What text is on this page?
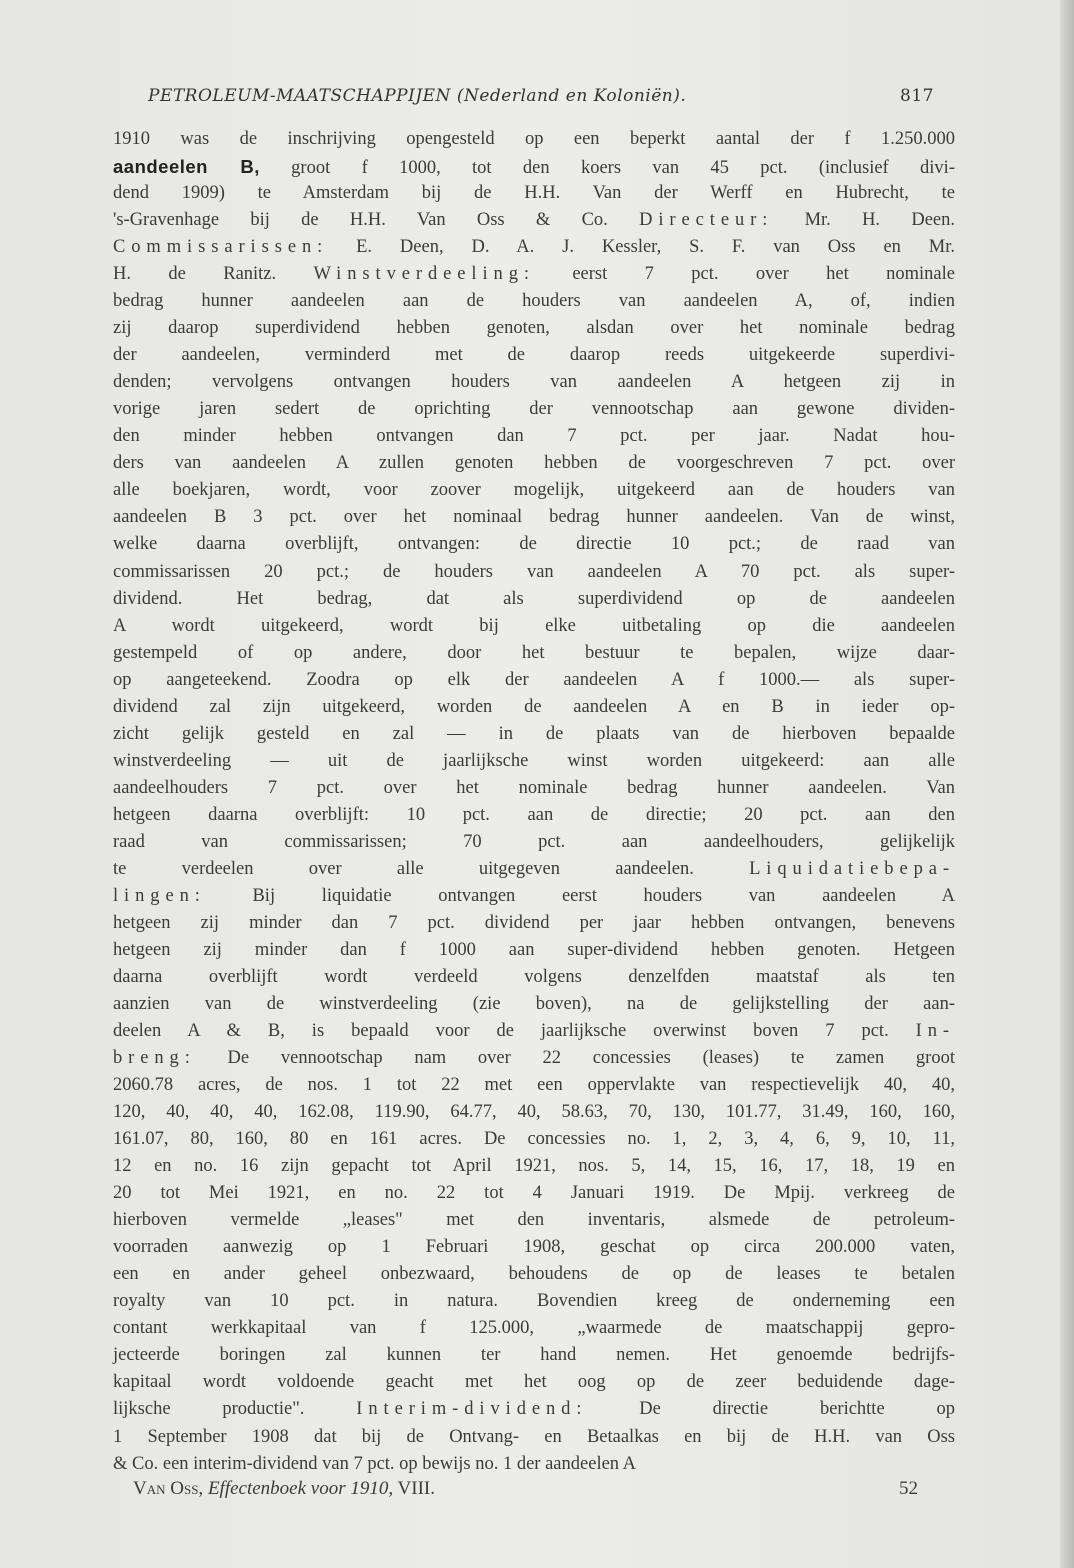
PETROLEUM-MAATSCHAPPIJEN (Nederland en Koloniën).	817
1910 was de inschrijving opengesteld op een beperkt aantal der f 1.250.000
aandeelen B, groot f 1000, tot den koers van 45 pct. (inclusief divi-
dend 1909) te Amsterdam bij de H.H. Van der Werff en Hubrecht, te
's-Gravenhage bij de H.H. Van Oss & Co. Directeur: Mr. H. Deen.
Commissarissen: E. Deen, D. A. J. Kessler, S. F. van Oss en Mr.
H. de Ranitz. Winstverdeeling: eerst 7 pct. over het nominale
bedrag hunner aandeelen aan de houders van aandeelen A, of, indien
zij daarop superdividend hebben genoten, alsdan over het nominale bedrag
der aandeelen, verminderd met de daarop reeds uitgekeerde superdivi-
denden; vervolgens ontvangen houders van aandeelen A hetgeen zij in
vorige jaren sedert de oprichting der vennootschap aan gewone dividen-
den minder hebben ontvangen dan 7 pct. per jaar. Nadat hou-
ders van aandeelen A zullen genoten hebben de voorgeschreven 7 pct. over
alle boekjaren, wordt, voor zoover mogelijk, uitgekeerd aan de houders van
aandeelen B 3 pct. over het nominaal bedrag hunner aandeelen. Van de winst,
welke daarna overblijft, ontvangen: de directie 10 pct.; de raad van
commissarissen 20 pct.; de houders van aandeelen A 70 pct. als super-
dividend. Het bedrag, dat als superdividend op de aandeelen
A wordt uitgekeerd, wordt bij elke uitbetaling op die aandeelen
gestempeld of op andere, door het bestuur te bepalen, wijze daar-
op aangeteekend. Zoodra op elk der aandeelen A f 1000.— als super-
dividend zal zijn uitgekeerd, worden de aandeelen A en B in ieder op-
zicht gelijk gesteld en zal — in de plaats van de hierboven bepaalde
winstverdeeling — uit de jaarlijksche winst worden uitgekeerd: aan alle
aandeelhouders 7 pct. over het nominale bedrag hunner aandeelen. Van
hetgeen daarna overblijft: 10 pct. aan de directie; 20 pct. aan den
raad van commissarissen; 70 pct. aan aandeelhouders, gelijkelijk
te verdeelen over alle uitgegeven aandeelen. Liquidatiebepa-
lingen: Bij liquidatie ontvangen eerst houders van aandeelen A
hetgeen zij minder dan 7 pct. dividend per jaar hebben ontvangen, benevens
hetgeen zij minder dan f 1000 aan super-dividend hebben genoten. Hetgeen
daarna overblijft wordt verdeeld volgens denzelfden maatstaf als ten
aanzien van de winstverdeeling (zie boven), na de gelijkstelling der aan-
deelen A & B, is bepaald voor de jaarlijksche overwinst boven 7 pct. In-
breng: De vennootschap nam over 22 concessies (leases) te zamen groot
2060.78 acres, de nos. 1 tot 22 met een oppervlakte van respectievelijk 40, 40,
120, 40, 40, 40, 162.08, 119.90, 64.77, 40, 58.63, 70, 130, 101.77, 31.49, 160, 160,
161.07, 80, 160, 80 en 161 acres. De concessies no. 1, 2, 3, 4, 6, 9, 10, 11,
12 en no. 16 zijn gepacht tot April 1921, nos. 5, 14, 15, 16, 17, 18, 19 en
20 tot Mei 1921, en no. 22 tot 4 Januari 1919. De Mpij. verkreeg de
hierboven vermelde „leases" met den inventaris, alsmede de petroleum-
voorraden aanwezig op 1 Februari 1908, geschat op circa 200.000 vaten,
een en ander geheel onbezwaard, behoudens de op de leases te betalen
royalty van 10 pct. in natura. Bovendien kreeg de onderneming een
contant werkkapitaal van f 125.000, „waarmede de maatschappij gepro-
jecteerde boringen zal kunnen ter hand nemen. Het genoemde bedrijfs-
kapitaal wordt voldoende geacht met het oog op de zeer beduidende dage-
lijksche productie". Interim-dividend: De directie berichtte op
1 September 1908 dat bij de Ontvang- en Betaalkas en bij de H.H. van Oss
& Co. een interim-dividend van 7 pct. op bewijs no. 1 der aandeelen A
Van Oss, Effectenboek voor 1910, VIII.	52
